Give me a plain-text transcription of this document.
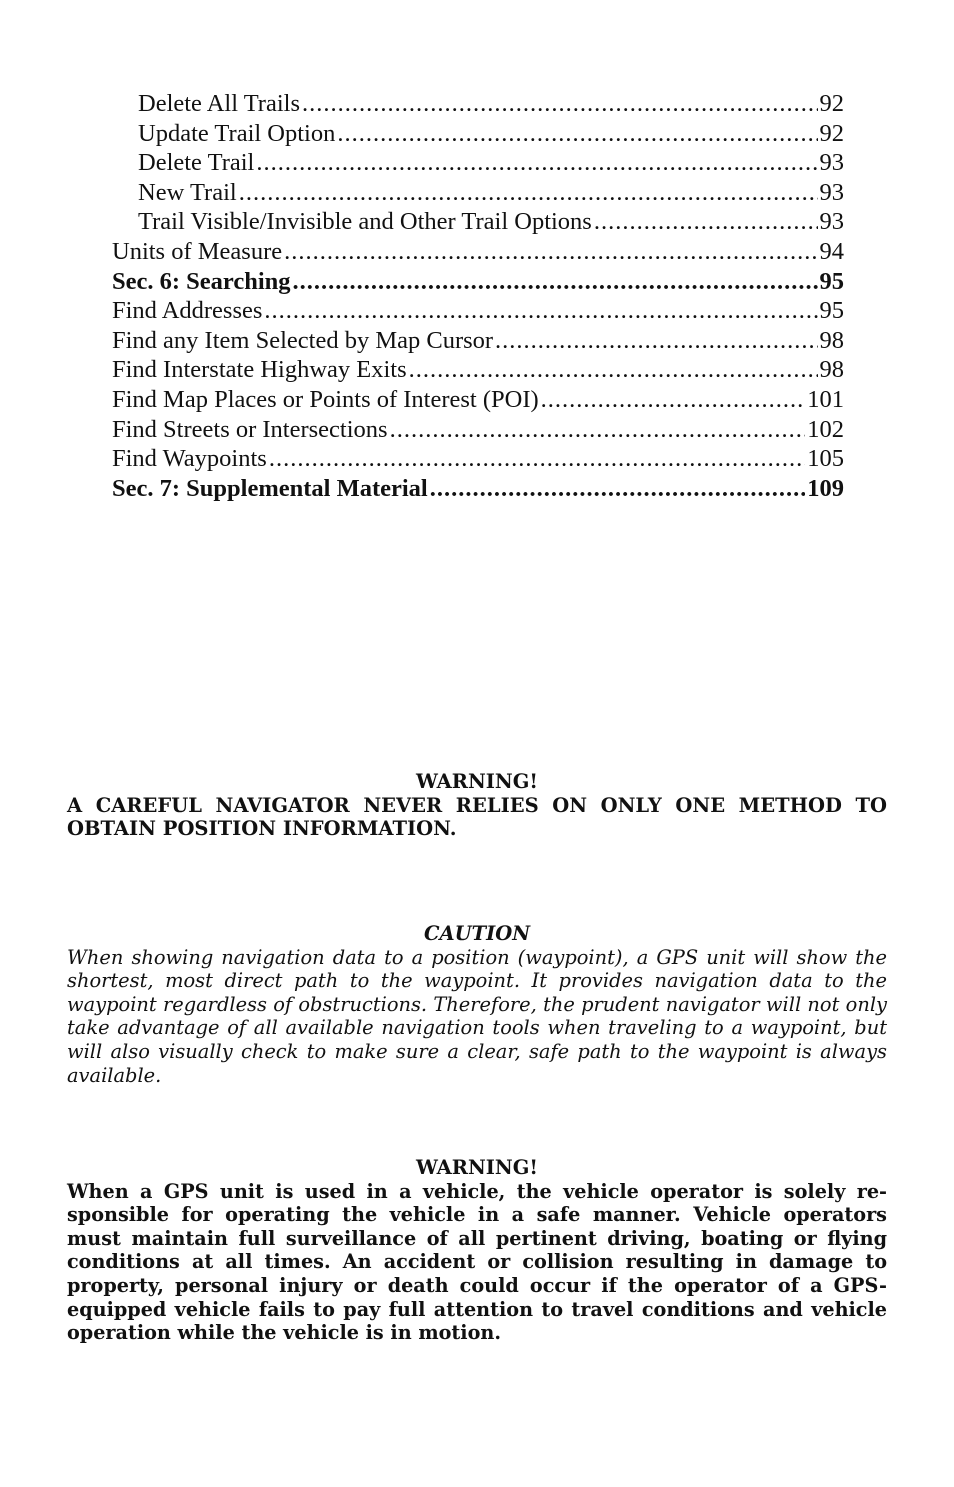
Delete All Trails .....	92
Update Trail Option .....	92
Delete Trail .....	93
New Trail .....	93
Trail Visible/Invisible and Other Trail Options .....	93
Units of Measure .....	94
Sec. 6: Searching .....	95
Find Addresses .....	95
Find any Item Selected by Map Cursor .....	98
Find Interstate Highway Exits .....	98
Find Map Places or Points of Interest (POI) .....	101
Find Streets or Intersections .....	102
Find Waypoints .....	105
Sec. 7: Supplemental Material .....	109
WARNING!
A CAREFUL NAVIGATOR NEVER RELIES ON ONLY ONE METHOD TO OBTAIN POSITION INFORMATION.
CAUTION
When showing navigation data to a position (waypoint), a GPS unit will show the shortest, most direct path to the waypoint. It provides navigation data to the waypoint regardless of obstructions. Therefore, the prudent navigator will not only take advantage of all available navigation tools when traveling to a waypoint, but will also visually check to make sure a clear, safe path to the waypoint is always available.
WARNING!
When a GPS unit is used in a vehicle, the vehicle operator is solely responsible for operating the vehicle in a safe manner. Vehicle operators must maintain full surveillance of all pertinent driving, boating or flying conditions at all times. An accident or collision resulting in damage to property, personal injury or death could occur if the operator of a GPS-equipped vehicle fails to pay full attention to travel conditions and vehicle operation while the vehicle is in motion.
